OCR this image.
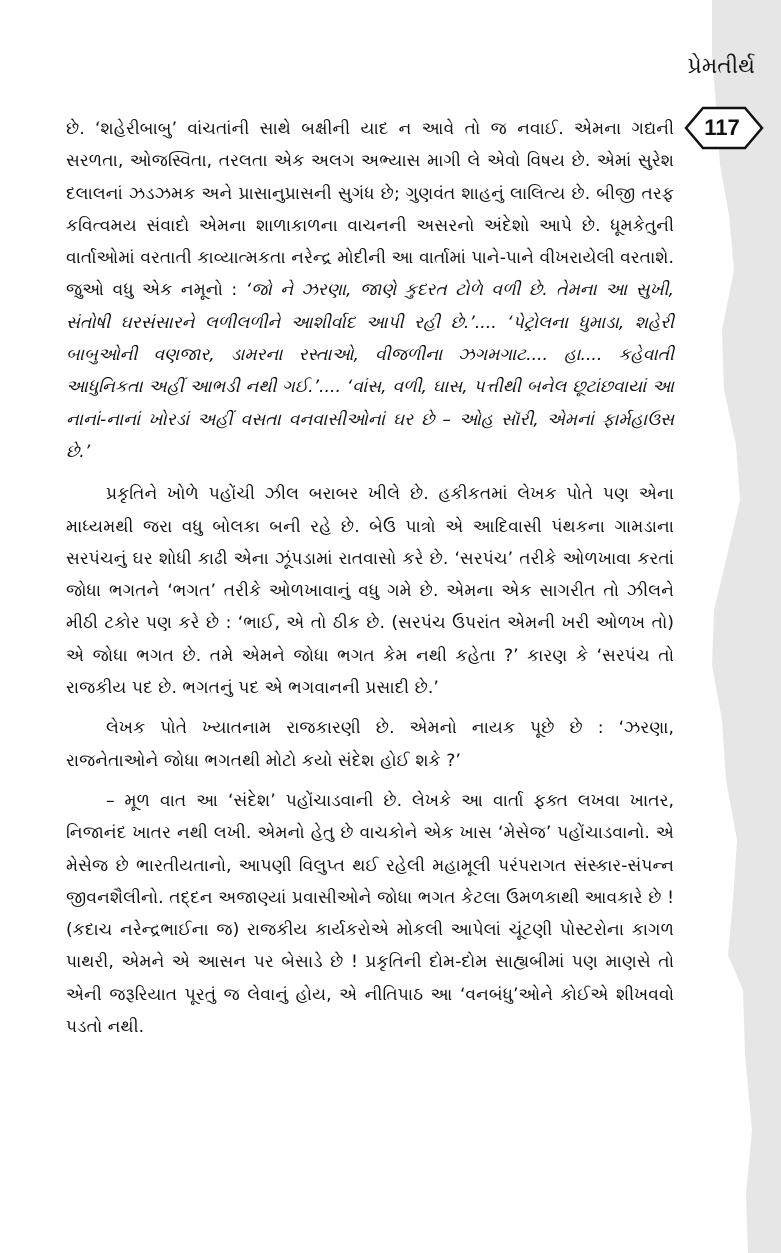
પ્રેમતીર્થ
117

છે. ‘શહેરીબાબુ’ વાંચતાંની સાથે બક્ષીની યાદ ન આવે તો જ નવાઈ. એમના ગદ્યની સરળતા, ઓજસ્વિતા, તરલતા એક અલગ અભ્યાસ માગી લે એવો વિષય છે. એમાં સુરેશ દલાલનાં ઝડઝમક અને પ્રાસાનુપ્રાસની સુગંધ છે; ગુણવંત શાહનું લાલિત્ય છે. બીજી તરફ કવિત્વમય સંવાદો એમના શાળાકાળના વાચનની અસરનો અંદેશો આપે છે. ધૂમકેતુની વાર્તાઓમાં વરતાતી કાવ્યાત્મકતા નરેન્દ્ર મોદીની આ વાર્તામાં પાને-પાને વીખરાયેલી વરતાશે. જુઓ વધુ એક નમૂનો : ‘જો ને ઝરણા, જાણે કુદરત ટોળે વળી છે. તેમના આ સુખી, સંતોષી ઘરસંસારને લળીલળીને આશીર્વાદ આપી રહી છે.’.... ‘પેટ્રોલના ધુમાડા, શહેરી બાબુઓની વણજાર, ડામરના રસ્તાઓ, વીજળીના ઝગમગાટ.... હા.... કહેવાતી આધુનિકતા અહીં આભડી નથી ગઈ.’.... ‘વાંસ, વળી, ઘાસ, પત્તીથી બનેલ છૂટાંછવાયાં આ નાનાં-નાનાં ખોરડાં અહીં વસતા વનવાસીઓનાં ઘર છે – ઓહ સૉરી, એમનાં ફાર્મહાઉસ છે.’

પ્રકૃતિને ખોળે પહોંચી ઝીલ બરાબર ખીલે છે. હકીકતમાં લેખક પોતે પણ એના માધ્યમથી જરા વધુ બોલકા બની રહે છે. બેઉ પાત્રો એ આદિવાસી પંથકના ગામડાના સરપંચનું ઘર શોધી કાઢી એના ઝૂંપડામાં રાતવાસો કરે છે. ‘સરપંચ’ તરીકે ઓળખાવા કરતાં જોધા ભગતને ‘ભગત’ તરીકે ઓળખાવાનું વધુ ગમે છે. એમના એક સાગરીત તો ઝીલને મીઠી ટકોર પણ કરે છે : ‘ભાઈ, એ તો ઠીક છે. (સરપંચ ઉપરાંત એમની ખરી ઓળખ તો) એ જોધા ભગત છે. તમે એમને જોધા ભગત કેમ નથી કહેતા ?’ કારણ કે ‘સરપંચ તો રાજકીય પદ છે. ભગતનું પદ એ ભગવાનની પ્રસાદી છે.’

લેખક પોતે ખ્યાતનામ રાજકારણી છે. એમનો નાયક પૂછે છે : ‘ઝરણા, રાજનેતાઓને જોધા ભગતથી મોટો કયો સંદેશ હોઈ શકે ?’

– મૂળ વાત આ ‘સંદેશ’ પહોંચાડવાની છે. લેખકે આ વાર્તા ફક્ત લખવા ખાતર, નિજાનંદ ખાતર નથી લખી. એમનો હેતુ છે વાચકોને એક ખાસ ‘મેસેજ’ પહોંચાડવાનો. એ મેસેજ છે ભારતીયતાનો, આપણી વિલુપ્ત થઈ રહેલી મહામૂલી પરંપરાગત સંસ્કાર-સંપન્ન જીવનશૈલીનો. તદ્દન અજાણ્યાં પ્રવાસીઓને જોધા ભગત કેટલા ઉમળકાથી આવકારે છે ! (કદાચ નરેન્દ્રભાઈના જ) રાજકીય કાર્યકરોએ મોકલી આપેલાં ચૂંટણી પોસ્ટરોના કાગળ પાથરી, એમને એ આસન પર બેસાડે છે ! પ્રકૃતિની દોમ-દોમ સાહ્યબીમાં પણ માણસે તો એની જરૂરિયાત પૂરતું જ લેવાનું હોય, એ નીતિપાઠ આ ‘વનબંધુ’ઓને કોઈએ શીખવવો પડતો નથી.
